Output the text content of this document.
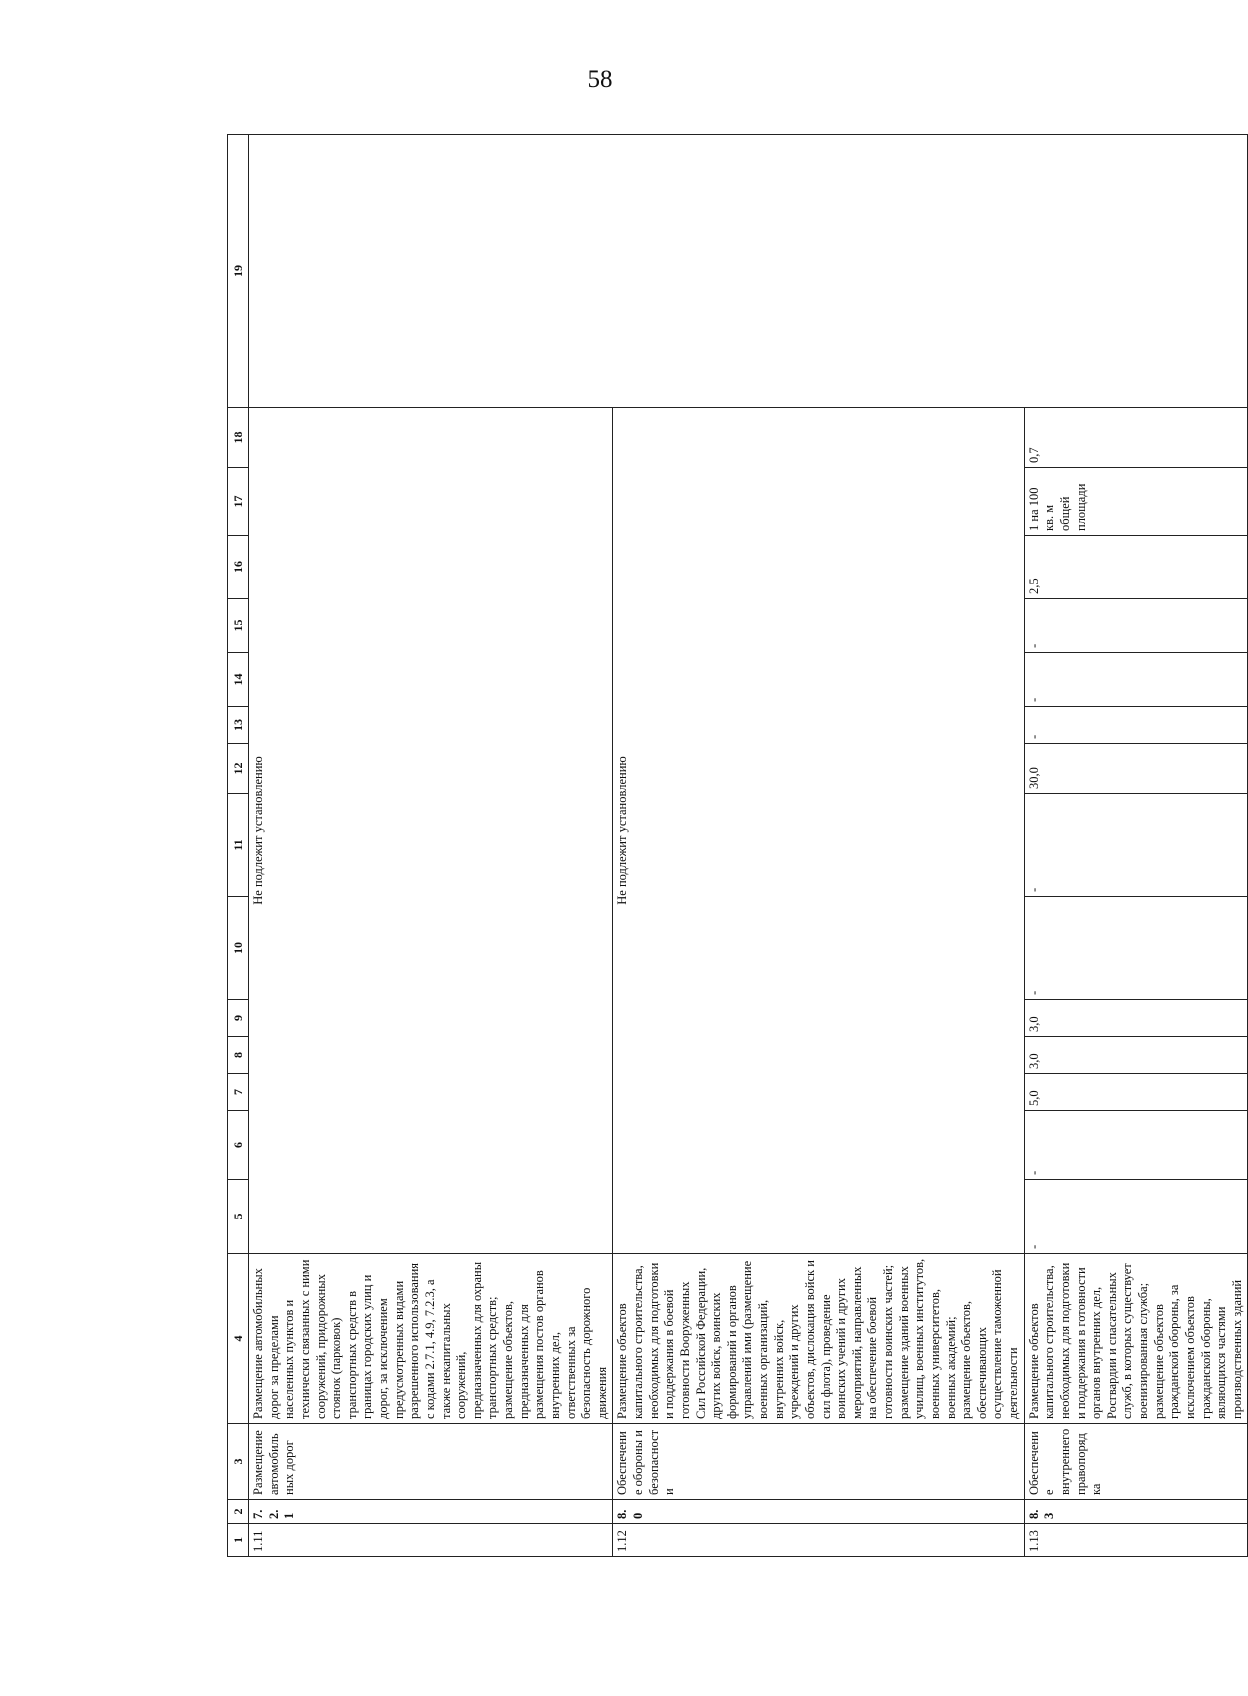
58
1	2	3	4	5	6	7	8	9	10	11	12	13	14	15	16	17	18	19
1.11	7.2.1	Размещение автомобильных дорог	Размещение автомобильных дорог за пределами населенных пунктов и технически связанных с ними сооружений, придорожных стоянок (парковок) транспортных средств в границах городских улиц и дорог, за исключением предусмотренных видами разрешенного использования с кодами 2.7.1, 4.9, 7.2.3, а также некапитальных сооружений, предназначенных для охраны транспортных средств; размещение объектов, предназначенных для размещения постов органов внутренних дел, ответственных за безопасность дорожного движения	Не подлежит установлению														
1.12	8.0	Обеспечение обороны и безопасности	Размещение объектов капитального строительства, необходимых для подготовки и поддержания в боевой готовности Вооруженных Сил Российской Федерации, других войск, воинских формирований и органов управлений ими (размещение военных организаций, внутренних войск, учреждений и других объектов, дислокация войск и сил флота), проведение воинских учений и других мероприятий, направленных на обеспечение боевой готовности воинских частей; размещение зданий военных училищ, военных институтов, военных университетов, военных академий; размещение объектов, обеспечивающих осуществление таможенной деятельности	Не подлежит установлению														
1.13	8.3	Обеспечение внутреннего правопорядка	Размещение объектов капитального строительства, необходимых для подготовки и поддержания в готовности органов внутренних дел, Росгвардии и спасательных служб, в которых существует военизированная служба; размещение объектов гражданской обороны, за исключением объектов гражданской обороны, являющихся частями производственных зданий	-	-	5,0	3,0	3,0	-	-	30,0	-	-	-	2,5	1 на 100 кв. м общей площади	0,7	
